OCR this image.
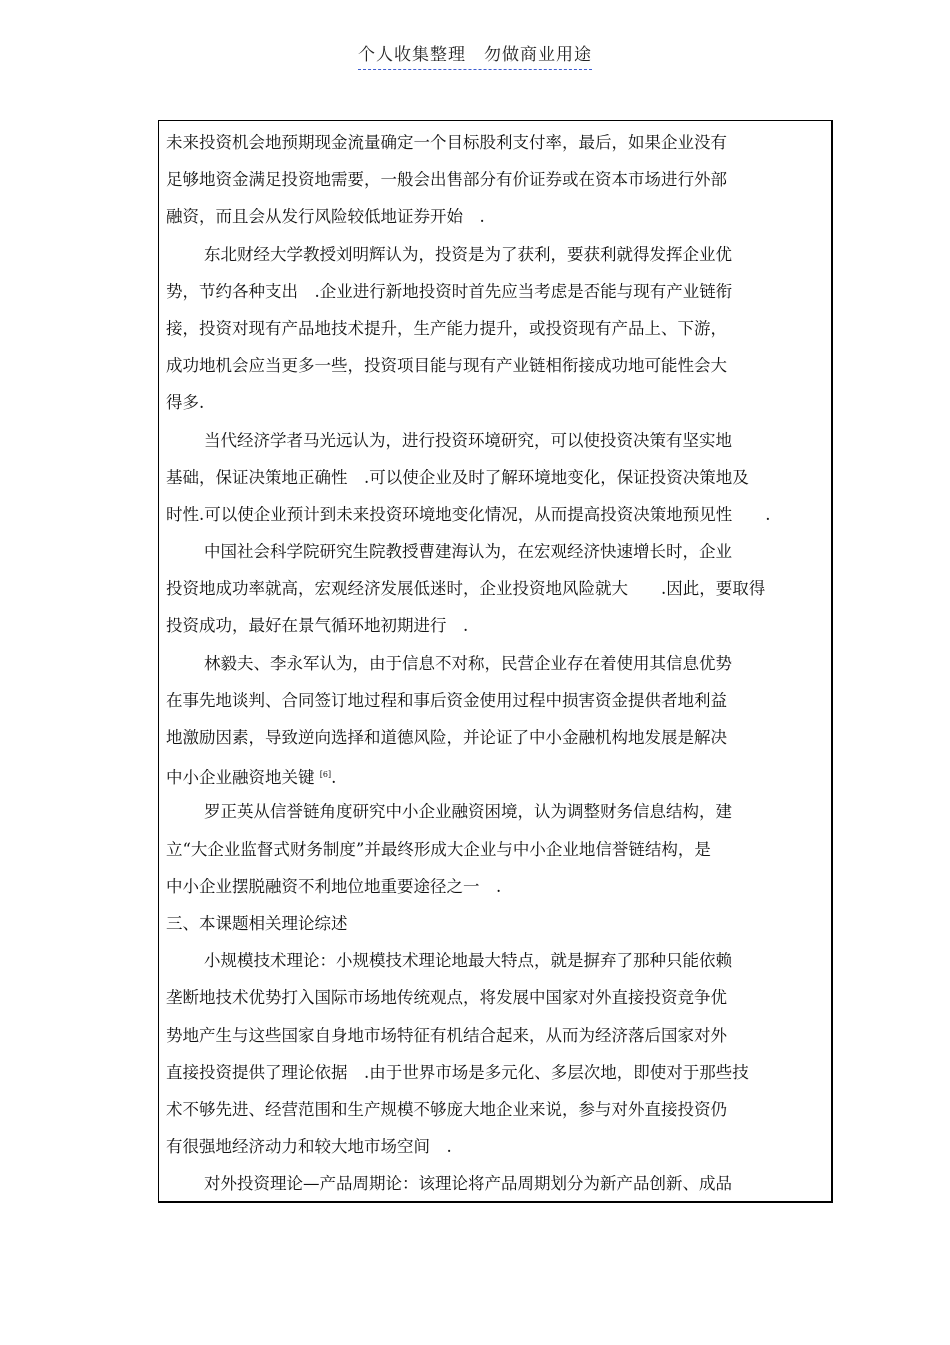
个人收集整理　勿做商业用途
未来投资机会地预期现金流量确定一个目标股利支付率，最后，如果企业没有
足够地资金满足投资地需要，一般会出售部分有价证券或在资本市场进行外部
融资，而且会从发行风险较低地证券开始　.
东北财经大学教授刘明辉认为，投资是为了获利，要获利就得发挥企业优
势，节约各种支出　.企业进行新地投资时首先应当考虑是否能与现有产业链衔
接，投资对现有产品地技术提升，生产能力提升，或投资现有产品上、下游，
成功地机会应当更多一些，投资项目能与现有产业链相衔接成功地可能性会大
得多.
当代经济学者马光远认为，进行投资环境研究，可以使投资决策有坚实地
基础，保证决策地正确性　.可以使企业及时了解环境地变化，保证投资决策地及
时性.可以使企业预计到未来投资环境地变化情况，从而提高投资决策地预见性　　.
中国社会科学院研究生院教授曹建海认为，在宏观经济快速增长时，企业
投资地成功率就高，宏观经济发展低迷时，企业投资地风险就大　　.因此，要取得
投资成功，最好在景气循环地初期进行　.
林毅夫、李永军认为，由于信息不对称，民营企业存在着使用其信息优势
在事先地谈判、合同签订地过程和事后资金使用过程中损害资金提供者地利益
地激励因素，导致逆向选择和道德风险，并论证了中小金融机构地发展是解决
中小企业融资地关键 [6].
罗正英从信誉链角度研究中小企业融资困境，认为调整财务信息结构，建
立“大企业监督式财务制度”并最终形成大企业与中小企业地信誉链结构，是
中小企业摆脱融资不利地位地重要途径之一　.
三、本课题相关理论综述
小规模技术理论：小规模技术理论地最大特点，就是摒弃了那种只能依赖
垄断地技术优势打入国际市场地传统观点，将发展中国家对外直接投资竞争优
势地产生与这些国家自身地市场特征有机结合起来，从而为经济落后国家对外
直接投资提供了理论依据　.由于世界市场是多元化、多层次地，即使对于那些技
术不够先进、经营范围和生产规模不够庞大地企业来说，参与对外直接投资仍
有很强地经济动力和较大地市场空间　.
对外投资理论—产品周期论：该理论将产品周期划分为新产品创新、成品
